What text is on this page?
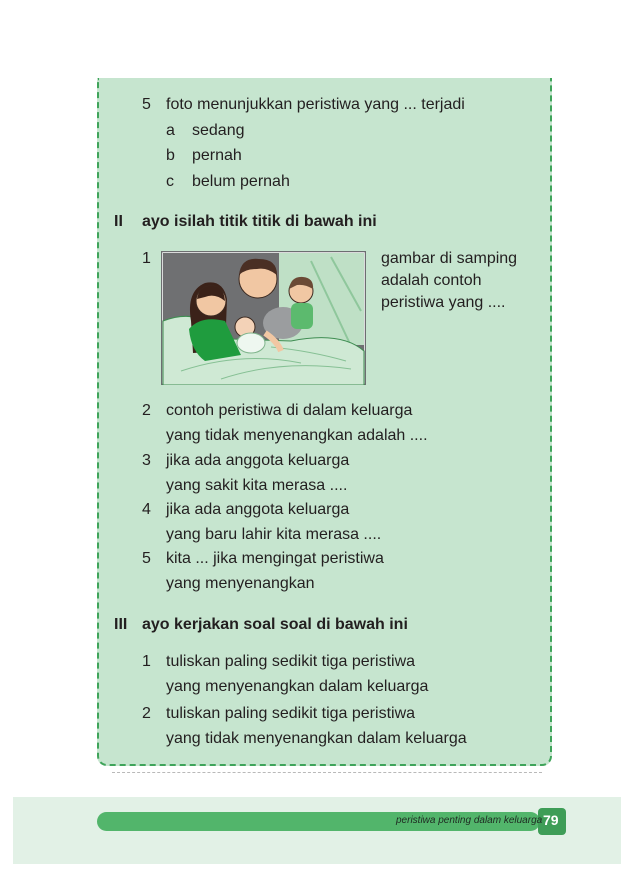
5 foto menunjukkan peristiwa yang ... terjadi
a sedang
b pernah
c belum pernah
II ayo isilah titik titik di bawah ini
1	gambar di samping
adalah contoh
peristiwa yang ....
2 contoh peristiwa di dalam keluarga
yang tidak menyenangkan adalah ....
3 jika ada anggota keluarga
yang sakit kita merasa ....
4 jika ada anggota keluarga
yang baru lahir kita merasa ....
5 kita ... jika mengingat peristiwa
yang menyenangkan
III ayo kerjakan soal soal di bawah ini
1 tuliskan paling sedikit tiga peristiwa
yang menyenangkan dalam keluarga
2 tuliskan paling sedikit tiga peristiwa
yang tidak menyenangkan dalam keluarga
peristiwa penting dalam keluarga 79
